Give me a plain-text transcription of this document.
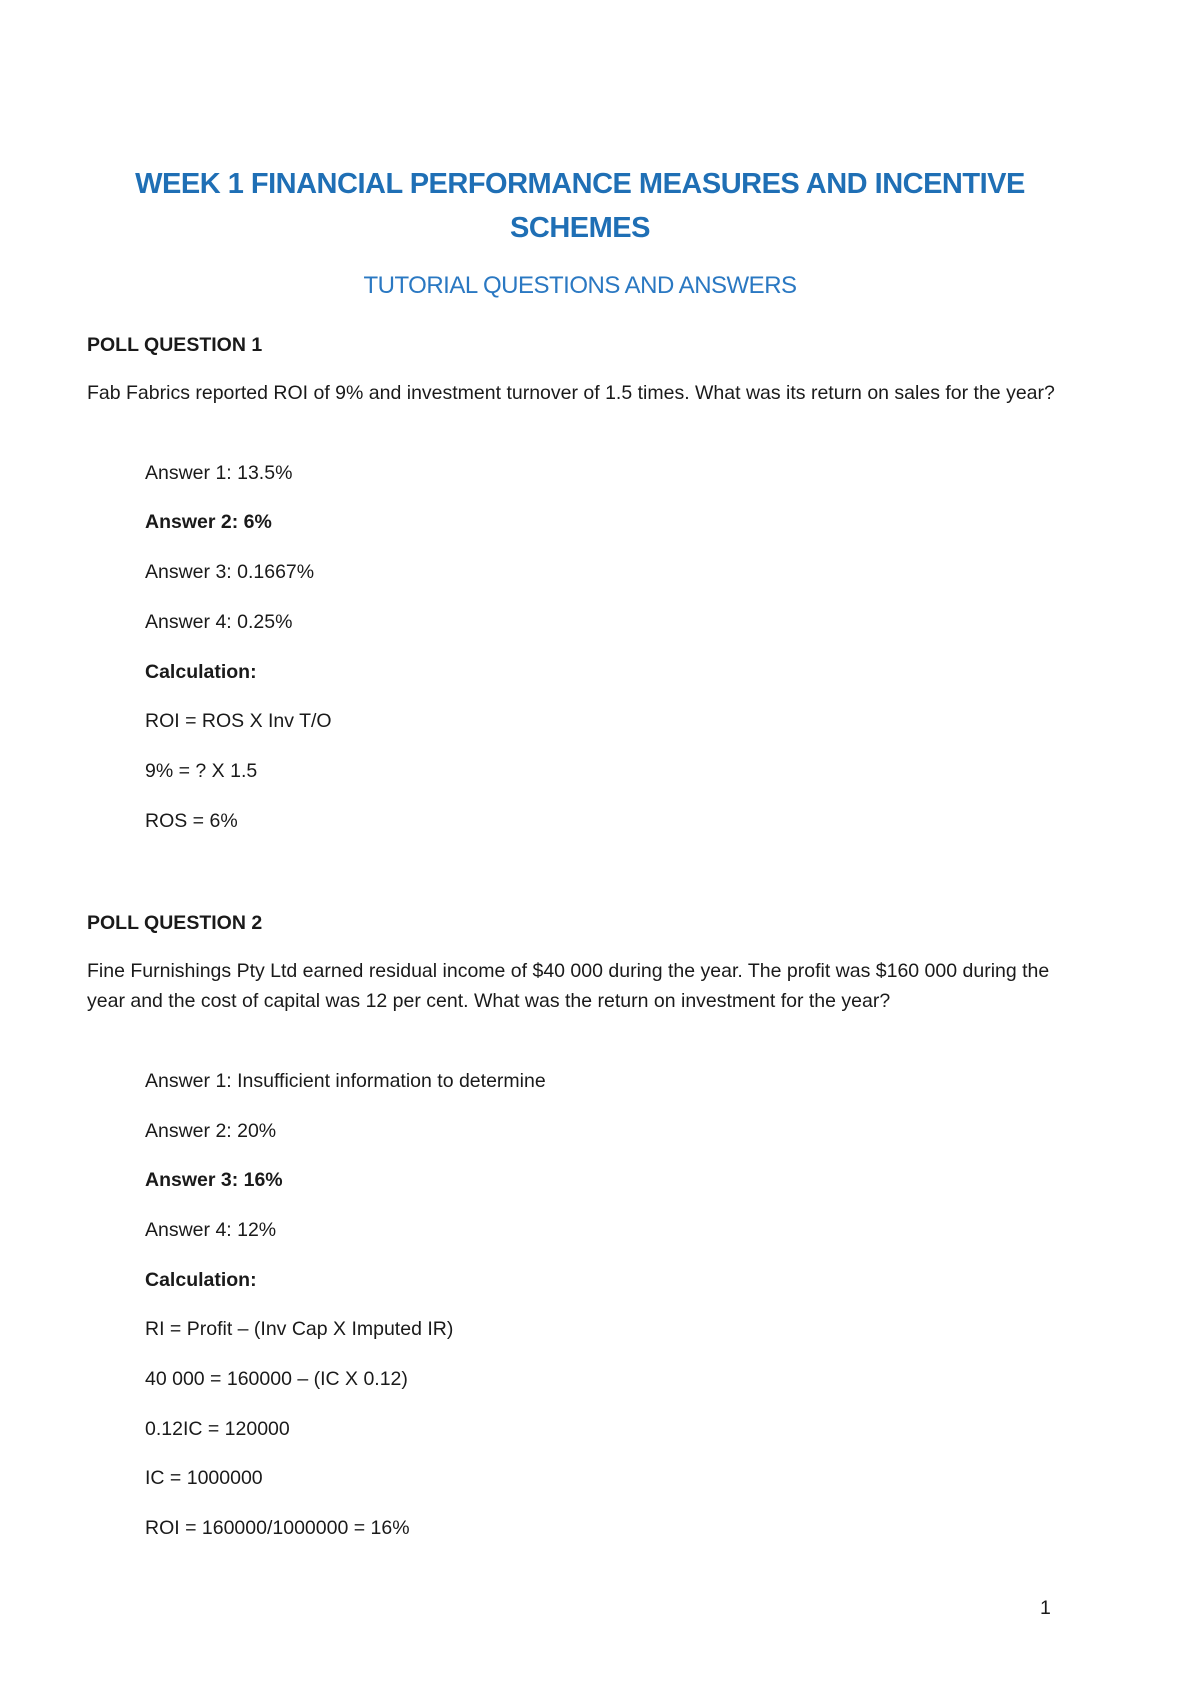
WEEK 1 FINANCIAL PERFORMANCE MEASURES AND INCENTIVE
SCHEMES
TUTORIAL QUESTIONS AND ANSWERS
POLL QUESTION 1
Fab Fabrics reported ROI of 9% and investment turnover of 1.5 times. What was its return on sales for the year?
Answer 1: 13.5%
Answer 2: 6%
Answer 3: 0.1667%
Answer 4: 0.25%
Calculation:
ROI = ROS X Inv T/O
9% = ? X 1.5
ROS = 6%
POLL QUESTION 2
Fine Furnishings Pty Ltd earned residual income of $40 000 during the year. The profit was $160 000 during the year and the cost of capital was 12 per cent. What was the return on investment for the year?
Answer 1: Insufficient information to determine
Answer 2: 20%
Answer 3: 16%
Answer 4: 12%
Calculation:
RI = Profit – (Inv Cap X Imputed IR)
40 000 = 160000 – (IC X 0.12)
0.12IC = 120000
IC = 1000000
ROI = 160000/1000000 = 16%
1
